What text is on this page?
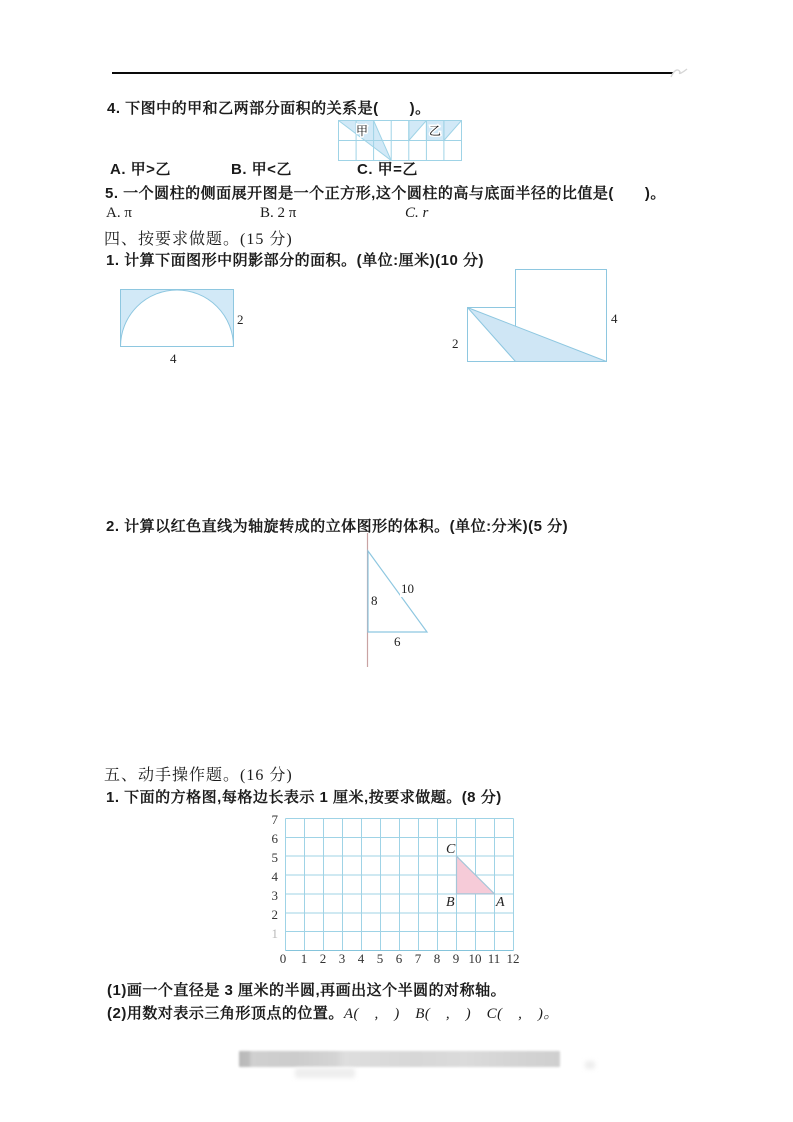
4. 下图中的甲和乙两部分面积的关系是(　　)。
甲	乙
A. 甲>乙	B. 甲<乙	C. 甲=乙
5. 一个圆柱的侧面展开图是一个正方形,这个圆柱的高与底面半径的比值是(　　)。
A. π	B. 2 π	C. r
四、按要求做题。(15 分)
1. 计算下面图形中阴影部分的面积。(单位:厘米)(10 分)
2
4
2
4
2. 计算以红色直线为轴旋转成的立体图形的体积。(单位:分米)(5 分)
8
10
6
五、动手操作题。(16 分)
1. 下面的方格图,每格边长表示 1 厘米,按要求做题。(8 分)
7
6
5
4
3
2
1
0 1 2 3 4 5 6 7 8 9 10 11 12
C
B	A
(1)画一个直径是 3 厘米的半圆,再画出这个半圆的对称轴。
(2)用数对表示三角形顶点的位置。A(　,　)　B(　,　)　C(　,　)。
